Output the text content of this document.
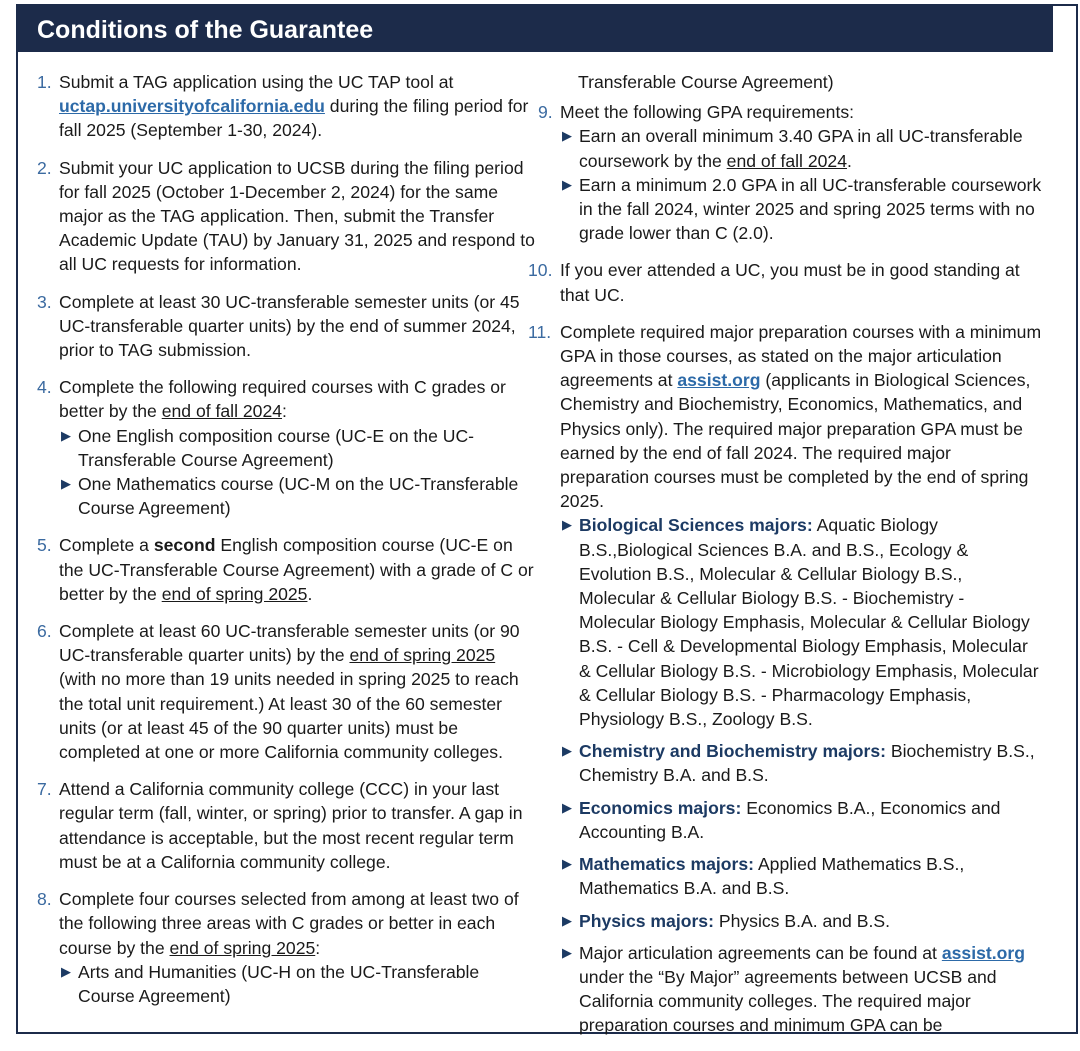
Conditions of the Guarantee
1. Submit a TAG application using the UC TAP tool at uctap.universityofcalifornia.edu during the filing period for fall 2025 (September 1-30, 2024).
2. Submit your UC application to UCSB during the filing period for fall 2025 (October 1-December 2, 2024) for the same major as the TAG application. Then, submit the Transfer Academic Update (TAU) by January 31, 2025 and respond to all UC requests for information.
3. Complete at least 30 UC-transferable semester units (or 45 UC-transferable quarter units) by the end of summer 2024, prior to TAG submission.
4. Complete the following required courses with C grades or better by the end of fall 2024:
▶ One English composition course (UC-E on the UC-Transferable Course Agreement)
▶ One Mathematics course (UC-M on the UC-Transferable Course Agreement)
5. Complete a second English composition course (UC-E on the UC-Transferable Course Agreement) with a grade of C or better by the end of spring 2025.
6. Complete at least 60 UC-transferable semester units (or 90 UC-transferable quarter units) by the end of spring 2025 (with no more than 19 units needed in spring 2025 to reach the total unit requirement.) At least 30 of the 60 semester units (or at least 45 of the 90 quarter units) must be completed at one or more California community colleges.
7. Attend a California community college (CCC) in your last regular term (fall, winter, or spring) prior to transfer. A gap in attendance is acceptable, but the most recent regular term must be at a California community college.
8. Complete four courses selected from among at least two of the following three areas with C grades or better in each course by the end of spring 2025:
▶ Arts and Humanities (UC-H on the UC-Transferable Course Agreement)
Transferable Course Agreement)
9. Meet the following GPA requirements:
▶ Earn an overall minimum 3.40 GPA in all UC-transferable coursework by the end of fall 2024.
▶ Earn a minimum 2.0 GPA in all UC-transferable coursework in the fall 2024, winter 2025 and spring 2025 terms with no grade lower than C (2.0).
10. If you ever attended a UC, you must be in good standing at that UC.
11. Complete required major preparation courses with a minimum GPA in those courses, as stated on the major articulation agreements at assist.org (applicants in Biological Sciences, Chemistry and Biochemistry, Economics, Mathematics, and Physics only). The required major preparation GPA must be earned by the end of fall 2024. The required major preparation courses must be completed by the end of spring 2025.
▶ Biological Sciences majors: Aquatic Biology B.S.,Biological Sciences B.A. and B.S., Ecology & Evolution B.S., Molecular & Cellular Biology B.S., Molecular & Cellular Biology B.S. - Biochemistry - Molecular Biology Emphasis, Molecular & Cellular Biology B.S. - Cell & Developmental Biology Emphasis, Molecular & Cellular Biology B.S. - Microbiology Emphasis, Molecular & Cellular Biology B.S. - Pharmacology Emphasis, Physiology B.S., Zoology B.S.
▶ Chemistry and Biochemistry majors: Biochemistry B.S., Chemistry B.A. and B.S.
▶ Economics majors: Economics B.A., Economics and Accounting B.A.
▶ Mathematics majors: Applied Mathematics B.S., Mathematics B.A. and B.S.
▶ Physics majors: Physics B.A. and B.S.
▶ Major articulation agreements can be found at assist.org under the “By Major” agreements between UCSB and California community colleges. The required major preparation courses and minimum GPA can be
